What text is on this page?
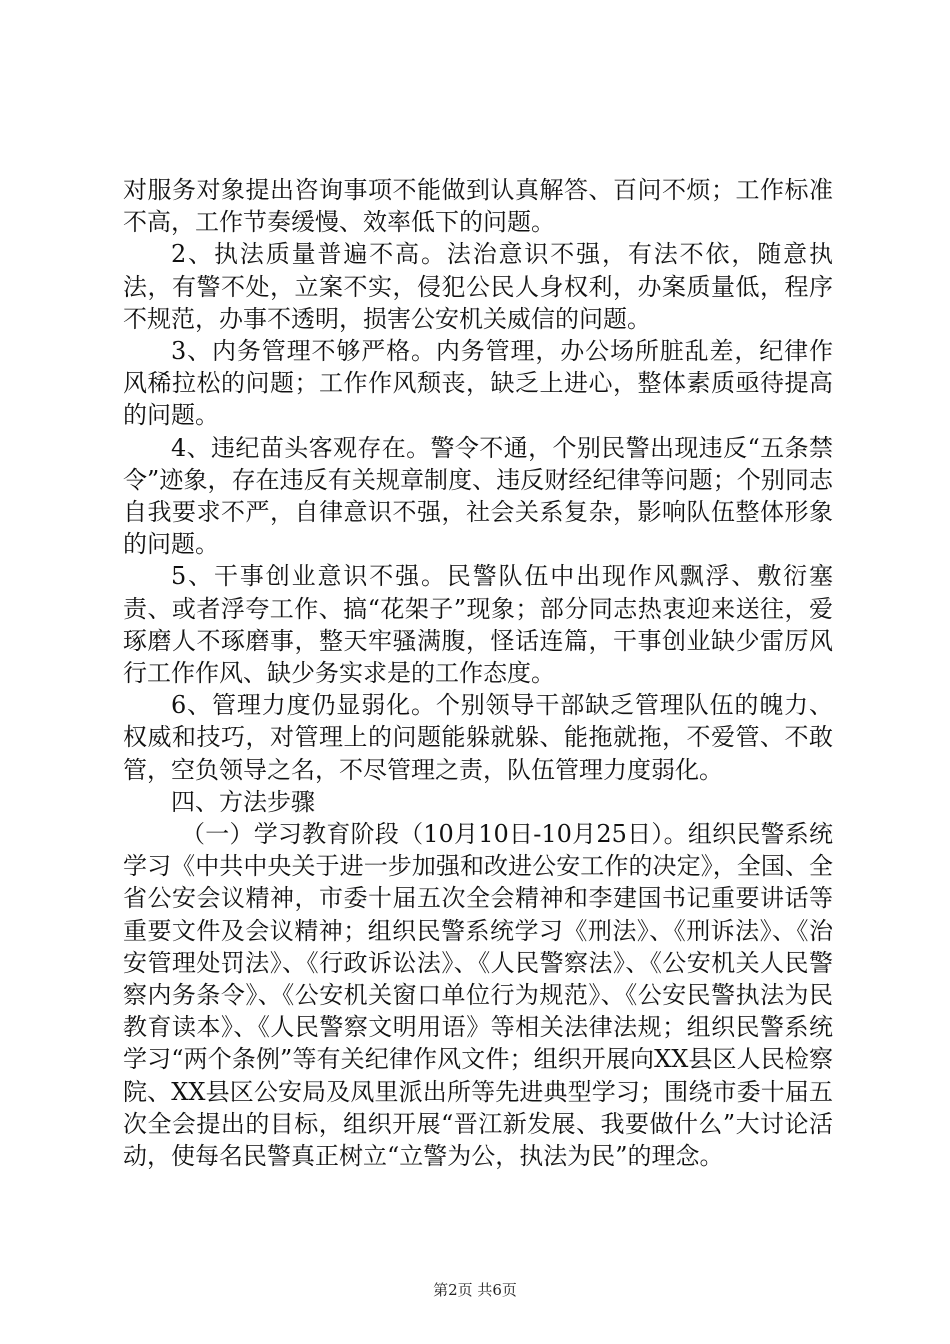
对服务对象提出咨询事项不能做到认真解答、百问不烦；工作标准不高，工作节奏缓慢、效率低下的问题。

2、执法质量普遍不高。法治意识不强，有法不依，随意执法，有警不处，立案不实，侵犯公民人身权利，办案质量低，程序不规范，办事不透明，损害公安机关威信的问题。

3、内务管理不够严格。内务管理，办公场所脏乱差，纪律作风稀拉松的问题；工作作风颓丧，缺乏上进心，整体素质亟待提高的问题。

4、违纪苗头客观存在。警令不通，个别民警出现违反“五条禁令”迹象，存在违反有关规章制度、违反财经纪律等问题；个别同志自我要求不严，自律意识不强，社会关系复杂，影响队伍整体形象的问题。

5、干事创业意识不强。民警队伍中出现作风飘浮、敷衍塞责、或者浮夸工作、搞“花架子”现象；部分同志热衷迎来送往，爱琢磨人不琢磨事，整天牢骚满腹，怪话连篇，干事创业缺少雷厉风行工作作风、缺少务实求是的工作态度。

6、管理力度仍显弱化。个别领导干部缺乏管理队伍的魄力、权威和技巧，对管理上的问题能躲就躲、能拖就拖，不爱管、不敢管，空负领导之名，不尽管理之责，队伍管理力度弱化。

四、方法步骤

（一）学习教育阶段（10月10日-10月25日）。组织民警系统学习《中共中央关于进一步加强和改进公安工作的决定》，全国、全省公安会议精神，市委十届五次全会精神和李建国书记重要讲话等重要文件及会议精神；组织民警系统学习《刑法》、《刑诉法》、《治安管理处罚法》、《行政诉讼法》、《人民警察法》、《公安机关人民警察内务条令》、《公安机关窗口单位行为规范》、《公安民警执法为民教育读本》、《人民警察文明用语》等相关法律法规；组织民警系统学习“两个条例”等有关纪律作风文件；组织开展向XX县区人民检察院、XX县区公安局及凤里派出所等先进典型学习；围绕市委十届五次全会提出的目标，组织开展“晋江新发展、我要做什么”大讨论活动，使每名民警真正树立“立警为公，执法为民”的理念。

第2页 共6页
